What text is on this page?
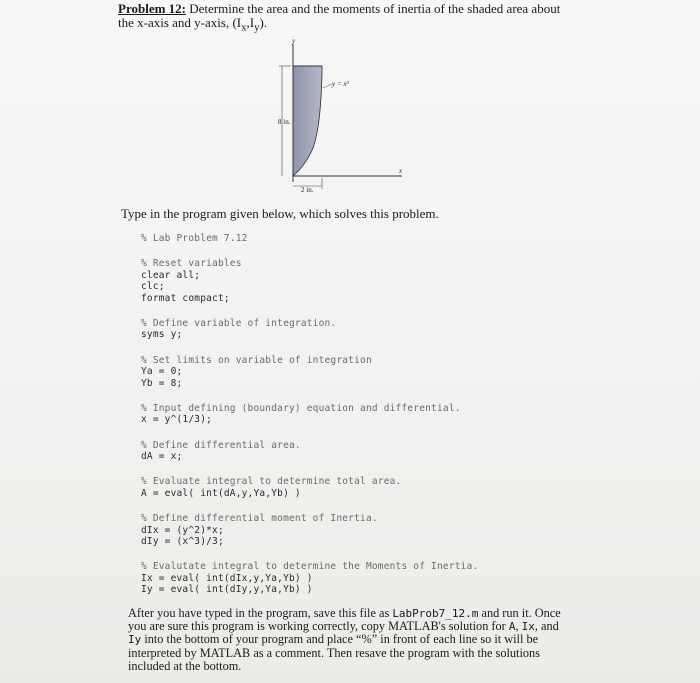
Problem 12: Determine the area and the moments of inertia of the shaded area about the x-axis and y-axis, $(I_x,I_y)$.
8 in.
2 in.
y = x³
y
x
Type in the program given below, which solves this problem.
% Lab Problem 7.12
% Reset variables
clear all;
clc;
format compact;
% Define variable of integration.
syms y;
% Set limits on variable of integration
Ya = 0;
Yb = 8;
% Input defining (boundary) equation and differential.
x = y^(1/3);
% Define differential area.
dA = x;
% Evaluate integral to determine total area.
A = eval( int(dA,y,Ya,Yb) )
% Define differential moment of Inertia.
dIx = (y^2)*x;
dIy = (x^3)/3;
% Evalutate integral to determine the Moments of Inertia.
Ix = eval( int(dIx,y,Ya,Yb) )
Iy = eval( int(dIy,y,Ya,Yb) )
After you have typed in the program, save this file as LabProb7_12.m and run it. Once you are sure this program is working correctly, copy MATLAB's solution for A, Ix, and Iy into the bottom of your program and place “%” in front of each line so it will be interpreted by MATLAB as a comment. Then resave the program with the solutions included at the bottom.
